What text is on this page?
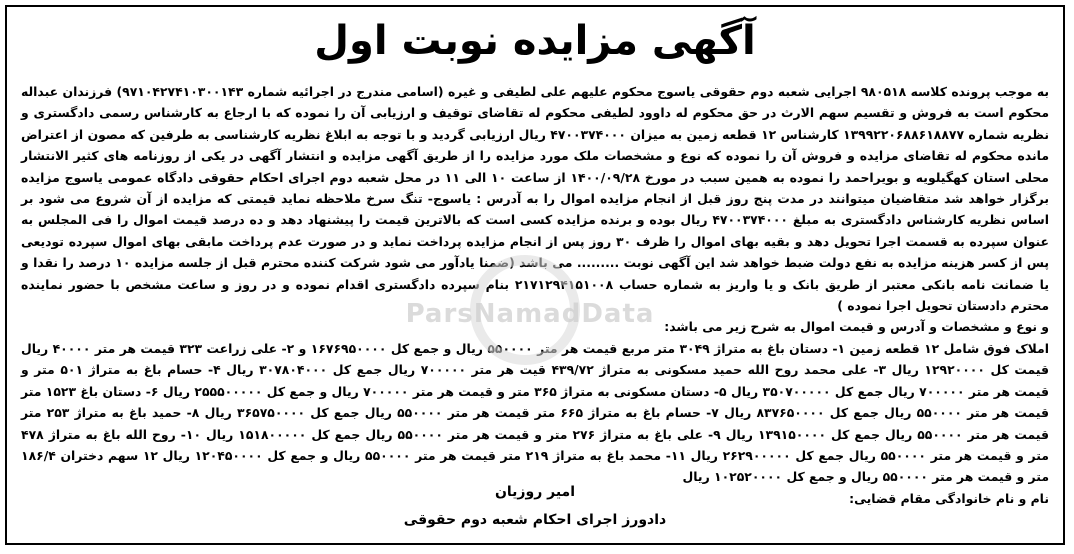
آگهی مزایده نوبت اول

به موجب پرونده کلاسه ۹۸۰۵۱۸ اجرایی شعبه دوم حقوقی یاسوج محکوم علیهم علی لطیفی و غیره (اسامی مندرج در اجرائیه شماره ۹۷۱۰۴۲۷۴۱۰۳۰۰۱۴۳) فرزندان عبداله محکوم است به فروش و تقسیم سهم الارث در حق محکوم له داوود لطیفی محکوم له تقاضای توقیف و ارزیابی آن را نموده که با ارجاع به کارشناس رسمی دادگستری و نظریه شماره ۱۳۹۹۲۲۰۶۸۸۶۱۸۸۷۷ کارشناس ۱۲ قطعه زمین به میزان ۴۷۰۰۳۷۴۰۰۰ ریال ارزیابی گردید و با توجه به ابلاغ نظریه کارشناسی به طرفین که مصون از اعتراض مانده محکوم له تقاضای مزایده و فروش آن را نموده که نوع و مشخصات ملک مورد مزایده را از طریق آگهی مزایده و انتشار آگهی در یکی از روزنامه های کثیر الانتشار محلی استان کهگیلویه و بویراحمد را نموده به همین سبب در مورخ ۱۴۰۰/۰۹/۲۸ از ساعت ۱۰ الی ۱۱ در محل شعبه دوم اجرای احکام حقوقی دادگاه عمومی یاسوج مزایده برگزار خواهد شد متقاضیان میتوانند در مدت پنج روز قبل از انجام مزایده اموال را به آدرس : یاسوج- تنگ سرخ ملاحظه نماید قیمتی که مزایده از آن شروع می شود بر اساس نظریه کارشناس دادگستری به مبلغ ۴۷۰۰۳۷۴۰۰۰ ریال بوده و برنده مزایده کسی است که بالاترین قیمت را پیشنهاد دهد و ده درصد قیمت اموال را فی المجلس به عنوان سپرده به قسمت اجرا تحویل دهد و بقیه بهای اموال را ظرف ۳۰ روز پس از انجام مزایده پرداخت نماید و در صورت عدم پرداخت مابقی بهای اموال سپرده تودیعی پس از کسر هزینه مزایده به نفع دولت ضبط خواهد شد این آگهی نوبت ......... می باشد (ضمنا یادآور می شود شرکت کننده محترم قبل از جلسه مزایده ۱۰ درصد را نقدا و یا ضمانت نامه بانکی معتبر از طریق بانک و یا واریز به شماره حساب ۲۱۷۱۲۹۴۱۵۱۰۰۸ بنام سپرده دادگستری اقدام نموده و در روز و ساعت مشخص با حضور نماینده محترم دادستان تحویل اجرا نموده )

و نوع و مشخصات و آدرس و قیمت اموال به شرح زیر می باشد:

املاک فوق شامل ۱۲ قطعه زمین ۱- دستان باغ به متراژ ۳۰۴۹ متر مربع قیمت هر متر ۵۵۰۰۰۰ ریال و جمع کل ۱۶۷۶۹۵۰۰۰۰ و ۲- علی زراعت ۳۲۳ قیمت هر متر ۴۰۰۰۰ ریال قیمت کل ۱۲۹۲۰۰۰۰ ریال ۳- علی محمد روح الله حمید مسکونی به متراژ ۴۳۹/۷۲ قیت هر متر ۷۰۰۰۰۰ ریال جمع کل ۳۰۷۸۰۴۰۰۰ ریال ۴- حسام باغ به متراژ ۵۰۱ متر و قیمت هر متر ۷۰۰۰۰۰ ریال جمع کل ۳۵۰۷۰۰۰۰۰ ریال ۵- دستان مسکونی به متراژ ۳۶۵ متر و قیمت هر متر ۷۰۰۰۰۰ ریال و جمع کل ۲۵۵۵۰۰۰۰۰ ریال ۶- دستان باغ ۱۵۲۳ متر قیمت هر متر ۵۵۰۰۰۰ ریال جمع کل ۸۳۷۶۵۰۰۰۰ ریال ۷- حسام باغ به متراژ ۶۶۵ متر قیمت هر متر ۵۵۰۰۰۰ ریال جمع کل ۳۶۵۷۵۰۰۰۰ ریال ۸- حمید باغ به متراژ ۲۵۳ متر قیمت هر متر ۵۵۰۰۰۰ ریال جمع کل ۱۳۹۱۵۰۰۰۰ ریال ۹- علی باغ به متراژ ۲۷۶ متر و قیمت هر متر ۵۵۰۰۰۰ ریال جمع کل ۱۵۱۸۰۰۰۰۰ ریال ۱۰- روح الله باغ به متراژ ۴۷۸ متر و قیمت هر متر ۵۵۰۰۰۰ ریال جمع کل ۲۶۲۹۰۰۰۰۰ ریال ۱۱- محمد باغ به متراژ ۲۱۹ متر قیمت هر متر ۵۵۰۰۰۰ ریال و جمع کل ۱۲۰۴۵۰۰۰۰ ریال ۱۲ سهم دختران ۱۸۶/۴ متر و قیمت هر متر ۵۵۰۰۰۰ ریال و جمع کل ۱۰۲۵۲۰۰۰۰ ریال

نام و نام خانوادگی مقام قضایی:

امیر روزیان
دادورز اجرای احکام شعبه دوم حقوقی
ParsNamadData
